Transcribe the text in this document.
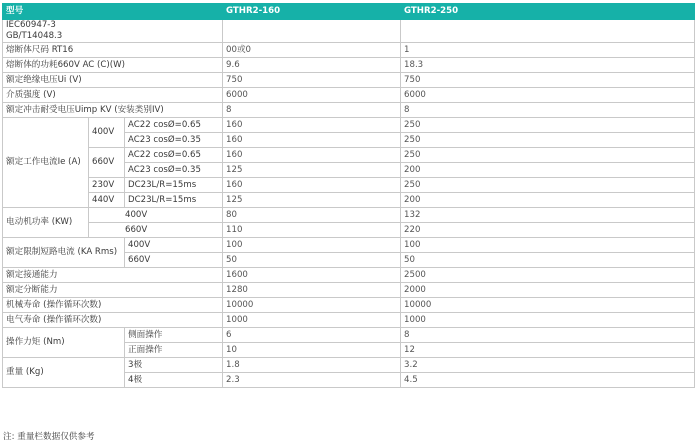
型号			GTHR2-160	GTHR2-250

IEC60947-3
GB/T14048.3				

熔断体尺码 RT16			00或0	1
熔断体的功耗660V AC (C)(W)			9.6	18.3
额定绝缘电压Ui (V)			750	750
介质强度 (V)			6000	6000
额定冲击耐受电压Uimp KV (安装类别IV)			8	8
额定工作电流Ie (A)	400V	AC22 cosØ=0.65	160	250
		AC23 cosØ=0.35	160	250
	660V	AC22 cosØ=0.65	160	250
		AC23 cosØ=0.35	125	200
	230V	DC23L/R=15ms	160	250
	440V	DC23L/R=15ms	125	200
电动机功率 (KW)	400V		80	132
	660V		110	220
额定限制短路电流 (KA Rms)		400V	100	100
		660V	50	50
额定接通能力			1600	2500
额定分断能力			1280	2000
机械寿命 (操作循环次数)			10000	10000
电气寿命 (操作循环次数)			1000	1000
操作力矩 (Nm)		侧面操作	6	8
		正面操作	10	12
重量 (Kg)		3极	1.8	3.2
		4极	2.3	4.5
注: 重量栏数据仅供参考
